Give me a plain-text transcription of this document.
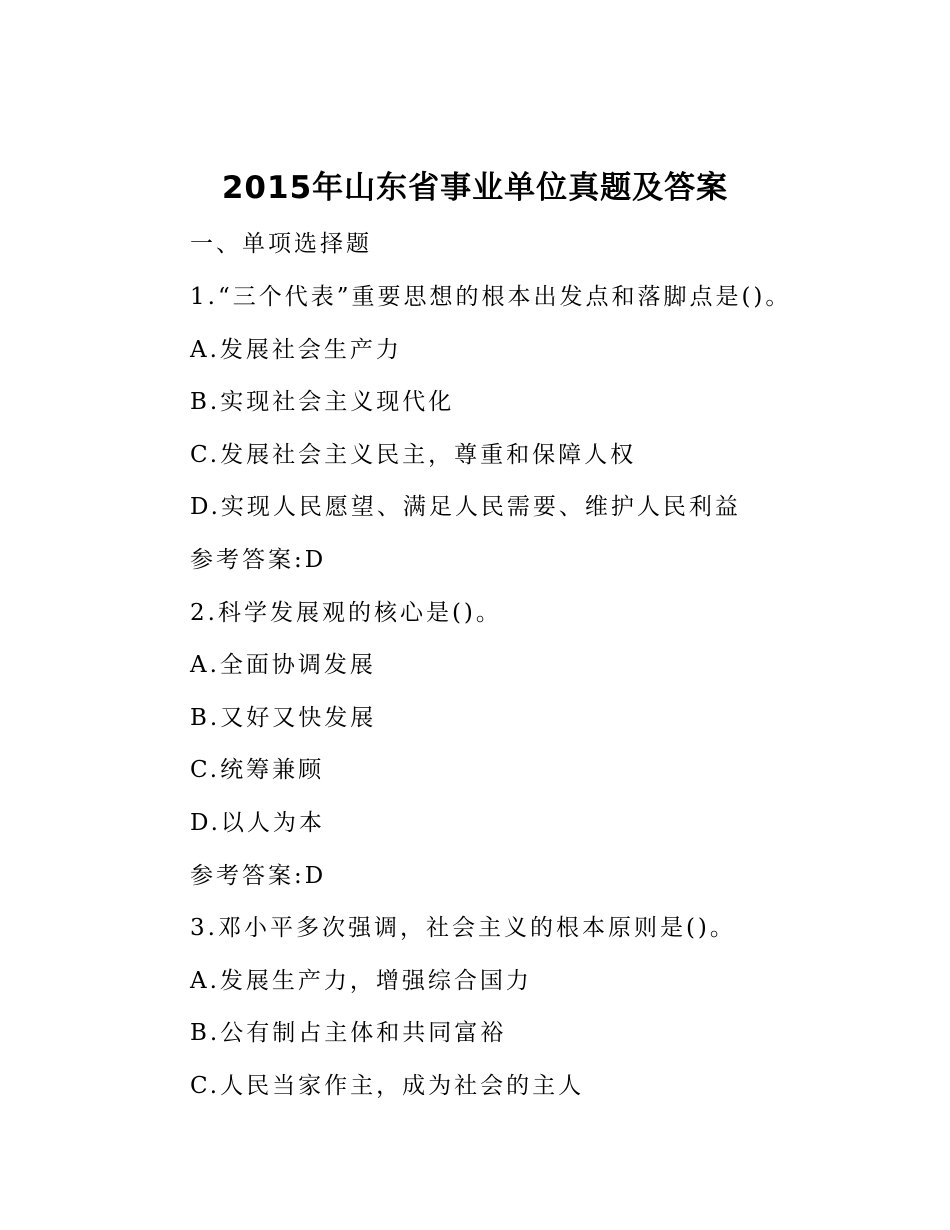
2015年山东省事业单位真题及答案

一、单项选择题

1.“三个代表”重要思想的根本出发点和落脚点是()。
A.发展社会生产力
B.实现社会主义现代化
C.发展社会主义民主，尊重和保障人权
D.实现人民愿望、满足人民需要、维护人民利益
参考答案:D
2.科学发展观的核心是()。
A.全面协调发展
B.又好又快发展
C.统筹兼顾
D.以人为本
参考答案:D
3.邓小平多次强调，社会主义的根本原则是()。
A.发展生产力，增强综合国力
B.公有制占主体和共同富裕
C.人民当家作主，成为社会的主人
